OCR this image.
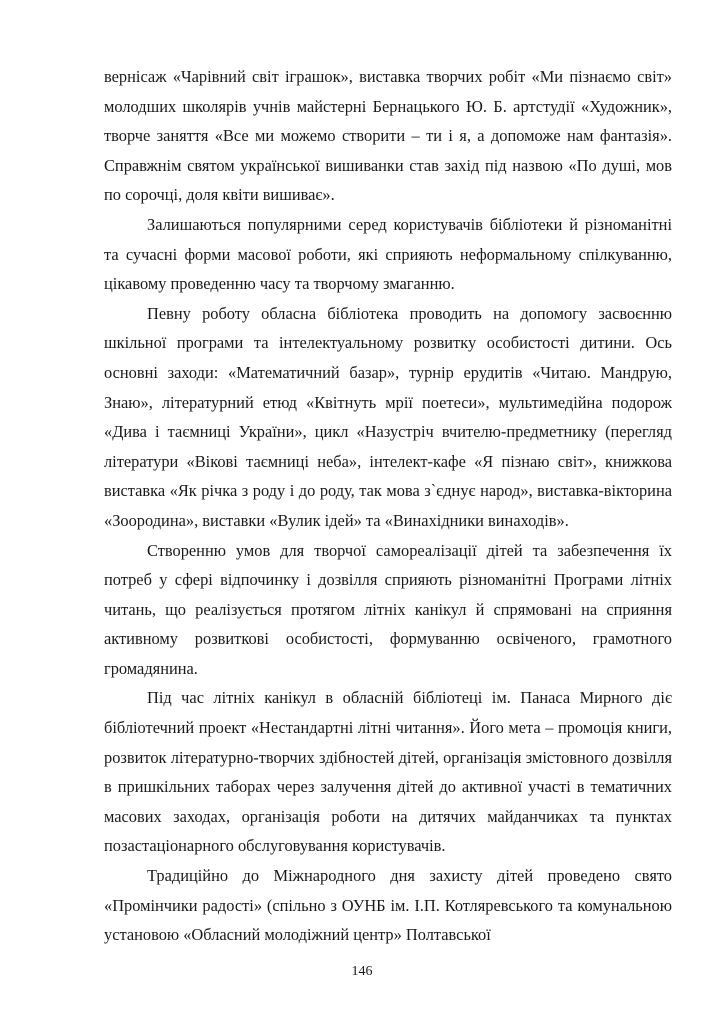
вернісаж «Чарівний світ іграшок», виставка творчих робіт «Ми пізнаємо світ» молодших школярів учнів майстерні Бернацького Ю. Б. артстудії «Художник», творче заняття «Все ми можемо створити – ти і я, а допоможе нам фантазія». Справжнім святом української вишиванки став захід під назвою «По душі, мов по сорочці, доля квіти вишиває».

Залишаються популярними серед користувачів бібліотеки й різноманітні та сучасні форми масової роботи, які сприяють неформальному спілкуванню, цікавому проведенню часу та творчому змаганню.

Певну роботу обласна бібліотека проводить на допомогу засвоєнню шкільної програми та інтелектуальному розвитку особистості дитини. Ось основні заходи: «Математичний базар», турнір ерудитів «Читаю. Мандрую, Знаю», літературний етюд «Квітнуть мрії поетеси», мультимедійна подорож «Дива і таємниці України», цикл «Назустріч вчителю-предметнику (перегляд літератури «Вікові таємниці неба», інтелект-кафе «Я пізнаю світ», книжкова виставка «Як річка з роду і до роду, так мова з`єднує народ», виставка-вікторина «Зоородина», виставки «Вулик ідей» та «Винахідники винаходів».

Створенню умов для творчої самореалізації дітей та забезпечення їх потреб у сфері відпочинку і дозвілля сприяють різноманітні Програми літніх читань, що реалізується протягом літніх канікул й спрямовані на сприяння активному розвиткові особистості, формуванню освіченого, грамотного громадянина.

Під час літніх канікул в обласній бібліотеці ім. Панаса Мирного діє бібліотечний проект «Нестандартні літні читання». Його мета – промоція книги, розвиток літературно-творчих здібностей дітей, організація змістовного дозвілля в пришкільних таборах через залучення дітей до активної участі в тематичних масових заходах, організація роботи на дитячих майданчиках та пунктах позастаціонарного обслуговування користувачів.

Традиційно до Міжнародного дня захисту дітей проведено свято «Промінчики радості» (спільно з ОУНБ ім. І.П. Котляревського та комунальною установою «Обласний молодіжний центр» Полтавської

146
